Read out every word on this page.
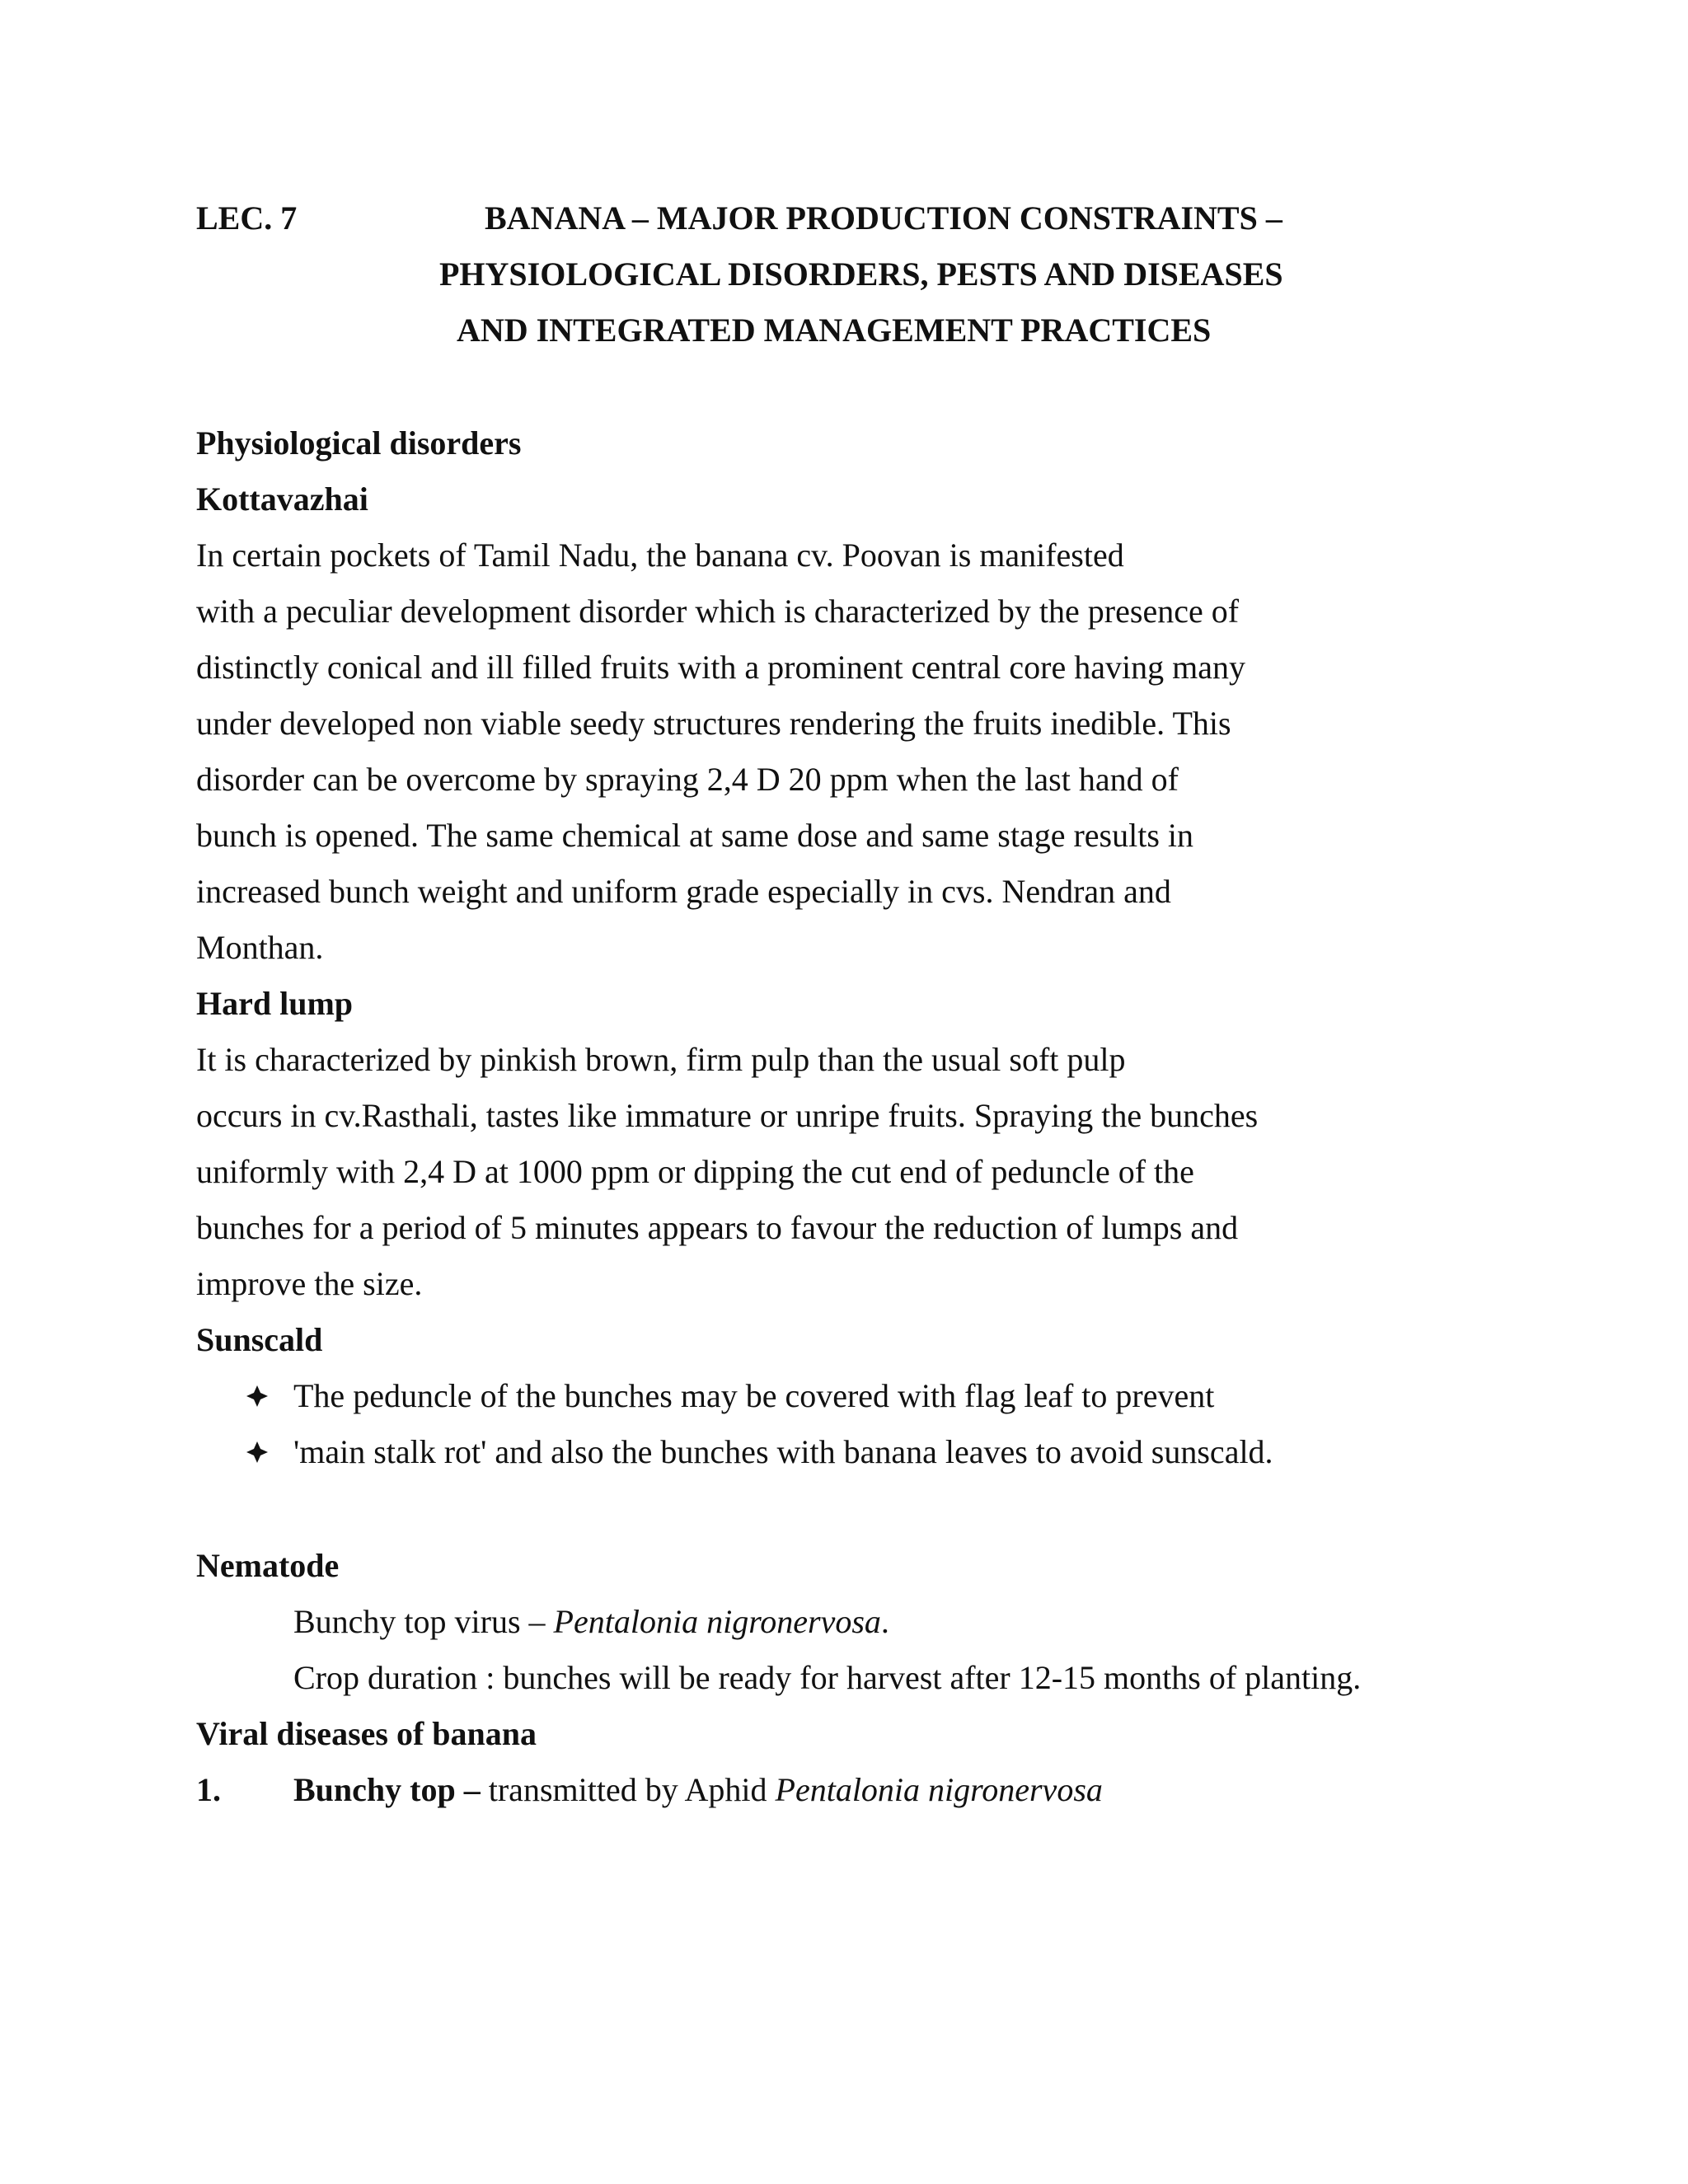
LEC. 7	BANANA – MAJOR PRODUCTION CONSTRAINTS –
PHYSIOLOGICAL DISORDERS, PESTS AND DISEASES
AND INTEGRATED MANAGEMENT PRACTICES
Physiological disorders
Kottavazhai
In certain pockets of Tamil Nadu, the banana cv. Poovan is manifested
with a peculiar development disorder which is characterized by the presence of
distinctly conical and ill filled fruits with a prominent central core having many
under developed non viable seedy structures rendering the fruits inedible. This
disorder can be overcome by spraying 2,4 D 20 ppm when the last hand of
bunch is opened. The same chemical at same dose and same stage results in
increased bunch weight and uniform grade especially in cvs. Nendran and
Monthan.
Hard lump
It is characterized by pinkish brown, firm pulp than the usual soft pulp
occurs in cv.Rasthali, tastes like immature or unripe fruits. Spraying the bunches
uniformly with 2,4 D at 1000 ppm or dipping the cut end of peduncle of the
bunches for a period of 5 minutes appears to favour the reduction of lumps and
improve the size.
Sunscald
The peduncle of the bunches may be covered with flag leaf to prevent
'main stalk rot' and also the bunches with banana leaves to avoid sunscald.
Nematode
Bunchy top virus – Pentalonia nigronervosa.
Crop duration : bunches will be ready for harvest after 12-15 months of planting.
Viral diseases of banana
1. Bunchy top – transmitted by Aphid Pentalonia nigronervosa
